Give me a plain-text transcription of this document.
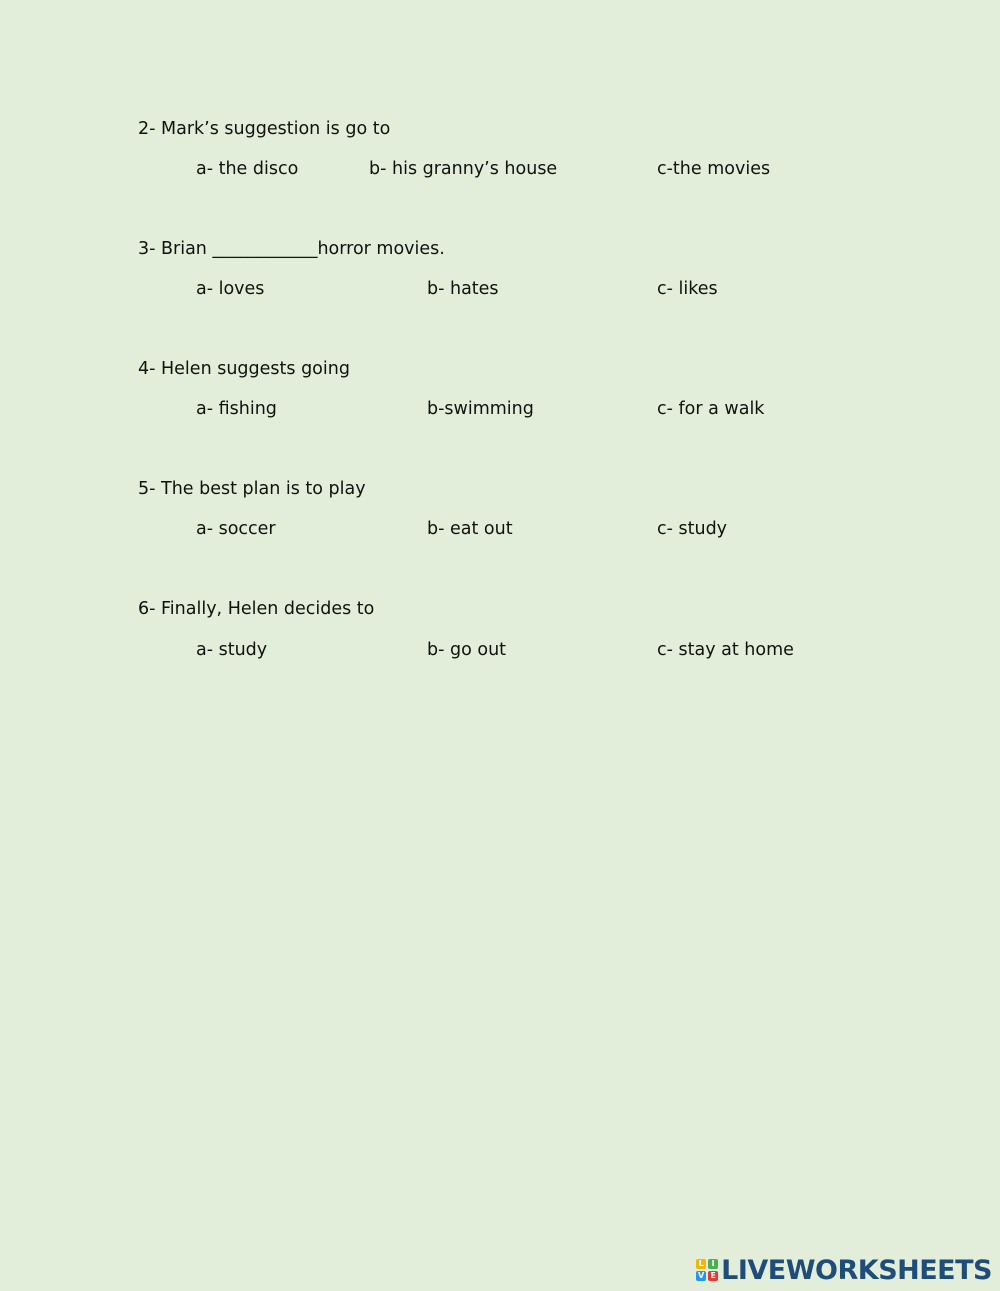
2- Mark’s suggestion is go to
a- the disco	b- his granny’s house	c-the movies
3- Brian ____________horror movies.
a- loves	b- hates	c- likes
4- Helen suggests going
a- fishing	b-swimming	c- for a walk
5- The best plan is to play
a- soccer	b- eat out	c- study
6- Finally, Helen decides to
a- study	b- go out	c- stay at home
L I
V E LIVEWORKSHEETS
